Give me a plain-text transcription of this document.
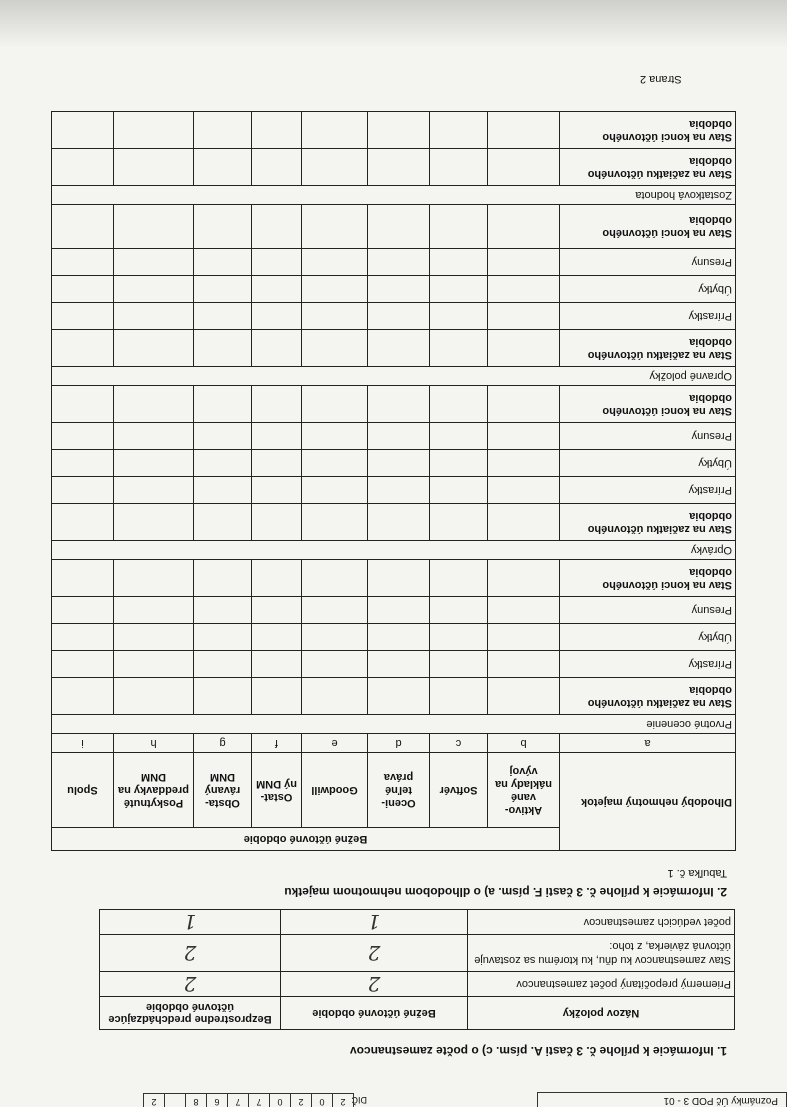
Poznámky Úč POD 3 - 01
DIČ
2
0
2
0
7
7
6
8
2
1. Informácie k prílohe č. 3 časti A. písm. c) o počte zamestnancov
Názov položky	Bežné účtovné obdobie	Bezprostredne predchádzajúce účtovné obdobie
Priemerný prepočítaný počet zamestnancov	2	2
Stav zamestnancov ku dňu, ku ktorému sa zostavuje účtovná závierka, z toho:	2	2
počet vedúcich zamestnancov	1	1
2. Informácie k prílohe č. 3 časti F. písm. a) o dlhodobom nehmotnom majetku
Tabuľka č. 1
Dlhodobý nehmotný majetok	Bežné účtovné obdobie							
	Aktivo- vané náklady na vývoj	Softvér	Oceni- teľné práva	Goodwill	Ostat- ný DNM	Obsta- rávaný DNM	Poskytnuté preddavky na DNM	Spolu
a	b	c	d	e	f	g	h	i
Prvotné ocenenie								
Stav na začiatku účtovného obdobia								
Prírastky								
Úbytky								
Presuny								
Stav na konci účtovného obdobia								
Oprávky								
Stav na začiatku účtovného obdobia								
Prírastky								
Úbytky								
Presuny								
Stav na konci účtovného obdobia								
Opravné položky								
Stav na začiatku účtovného obdobia								
Prírastky								
Úbytky								
Presuny								
Stav na konci účtovného obdobia								
Zostatková hodnota								
Stav na začiatku účtovného obdobia								
Stav na konci účtovného obdobia								
Strana 2
